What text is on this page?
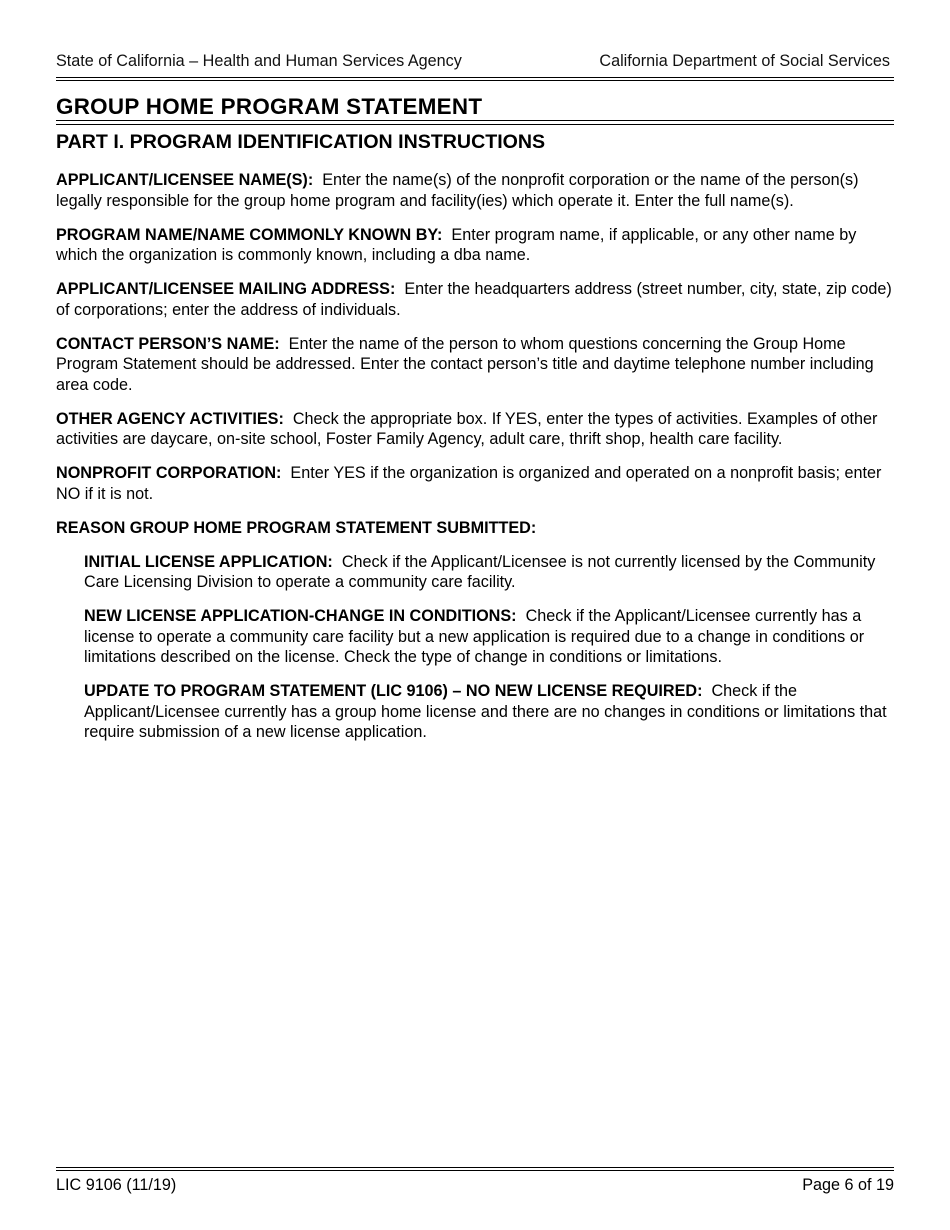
State of California – Health and Human Services Agency	California Department of Social Services
GROUP HOME PROGRAM STATEMENT
PART I. PROGRAM IDENTIFICATION INSTRUCTIONS

APPLICANT/LICENSEE NAME(S): Enter the name(s) of the nonprofit corporation or the name of the person(s) legally responsible for the group home program and facility(ies) which operate it. Enter the full name(s).

PROGRAM NAME/NAME COMMONLY KNOWN BY: Enter program name, if applicable, or any other name by which the organization is commonly known, including a dba name.

APPLICANT/LICENSEE MAILING ADDRESS: Enter the headquarters address (street number, city, state, zip code) of corporations; enter the address of individuals.

CONTACT PERSON’S NAME: Enter the name of the person to whom questions concerning the Group Home Program Statement should be addressed. Enter the contact person’s title and daytime telephone number including area code.

OTHER AGENCY ACTIVITIES: Check the appropriate box. If YES, enter the types of activities. Examples of other activities are daycare, on-site school, Foster Family Agency, adult care, thrift shop, health care facility.

NONPROFIT CORPORATION: Enter YES if the organization is organized and operated on a nonprofit basis; enter NO if it is not.

REASON GROUP HOME PROGRAM STATEMENT SUBMITTED:

INITIAL LICENSE APPLICATION: Check if the Applicant/Licensee is not currently licensed by the Community Care Licensing Division to operate a community care facility.

NEW LICENSE APPLICATION-CHANGE IN CONDITIONS: Check if the Applicant/Licensee currently has a license to operate a community care facility but a new application is required due to a change in conditions or limitations described on the license. Check the type of change in conditions or limitations.

UPDATE TO PROGRAM STATEMENT (LIC 9106) – NO NEW LICENSE REQUIRED: Check if the Applicant/Licensee currently has a group home license and there are no changes in conditions or limitations that require submission of a new license application.

LIC 9106 (11/19)	Page 6 of 19
